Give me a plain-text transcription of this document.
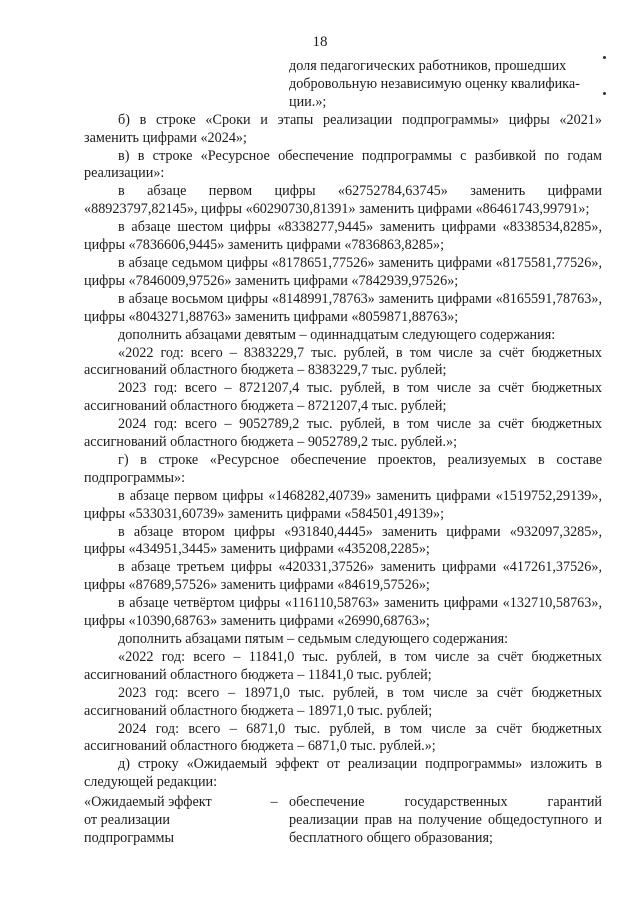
18
доля педагогических работников, прошедших
добровольную независимую оценку квалифика-
ции.»;

б) в строке «Сроки и этапы реализации подпрограммы» цифры «2021» заменить цифрами «2024»;

в) в строке «Ресурсное обеспечение подпрограммы с разбивкой по годам реализации»:

в абзаце первом цифры «62752784,63745» заменить цифрами «88923797,82145», цифры «60290730,81391» заменить цифрами «86461743,99791»;

в абзаце шестом цифры «8338277,9445» заменить цифрами «8338534,8285», цифры «7836606,9445» заменить цифрами «7836863,8285»;

в абзаце седьмом цифры «8178651,77526» заменить цифрами «8175581,77526», цифры «7846009,97526» заменить цифрами «7842939,97526»;

в абзаце восьмом цифры «8148991,78763» заменить цифрами «8165591,78763», цифры «8043271,88763» заменить цифрами «8059871,88763»;

дополнить абзацами девятым – одиннадцатым следующего содержания:

«2022 год: всего – 8383229,7 тыс. рублей, в том числе за счёт бюджетных ассигнований областного бюджета – 8383229,7 тыс. рублей;

2023 год: всего – 8721207,4 тыс. рублей, в том числе за счёт бюджетных ассигнований областного бюджета – 8721207,4 тыс. рублей;

2024 год: всего – 9052789,2 тыс. рублей, в том числе за счёт бюджетных ассигнований областного бюджета – 9052789,2 тыс. рублей.»;

г) в строке «Ресурсное обеспечение проектов, реализуемых в составе подпрограммы»:

в абзаце первом цифры «1468282,40739» заменить цифрами «1519752,29139», цифры «533031,60739» заменить цифрами «584501,49139»;

в абзаце втором цифры «931840,4445» заменить цифрами «932097,3285», цифры «434951,3445» заменить цифрами «435208,2285»;

в абзаце третьем цифры «420331,37526» заменить цифрами «417261,37526», цифры «87689,57526» заменить цифрами «84619,57526»;

в абзаце четвёртом цифры «116110,58763» заменить цифрами «132710,58763», цифры «10390,68763» заменить цифрами «26990,68763»;

дополнить абзацами пятым – седьмым следующего содержания:

«2022 год: всего – 11841,0 тыс. рублей, в том числе за счёт бюджетных ассигнований областного бюджета – 11841,0 тыс. рублей;

2023 год: всего – 18971,0 тыс. рублей, в том числе за счёт бюджетных ассигнований областного бюджета – 18971,0 тыс. рублей;

2024 год: всего – 6871,0 тыс. рублей, в том числе за счёт бюджетных ассигнований областного бюджета – 6871,0 тыс. рублей.»;

д) строку «Ожидаемый эффект от реализации подпрограммы» изложить в следующей редакции:

«Ожидаемый эффект
от реализации
подпрограммы
– обеспечение государственных гарантий реализации прав на получение общедоступного и бесплатного общего образования;
